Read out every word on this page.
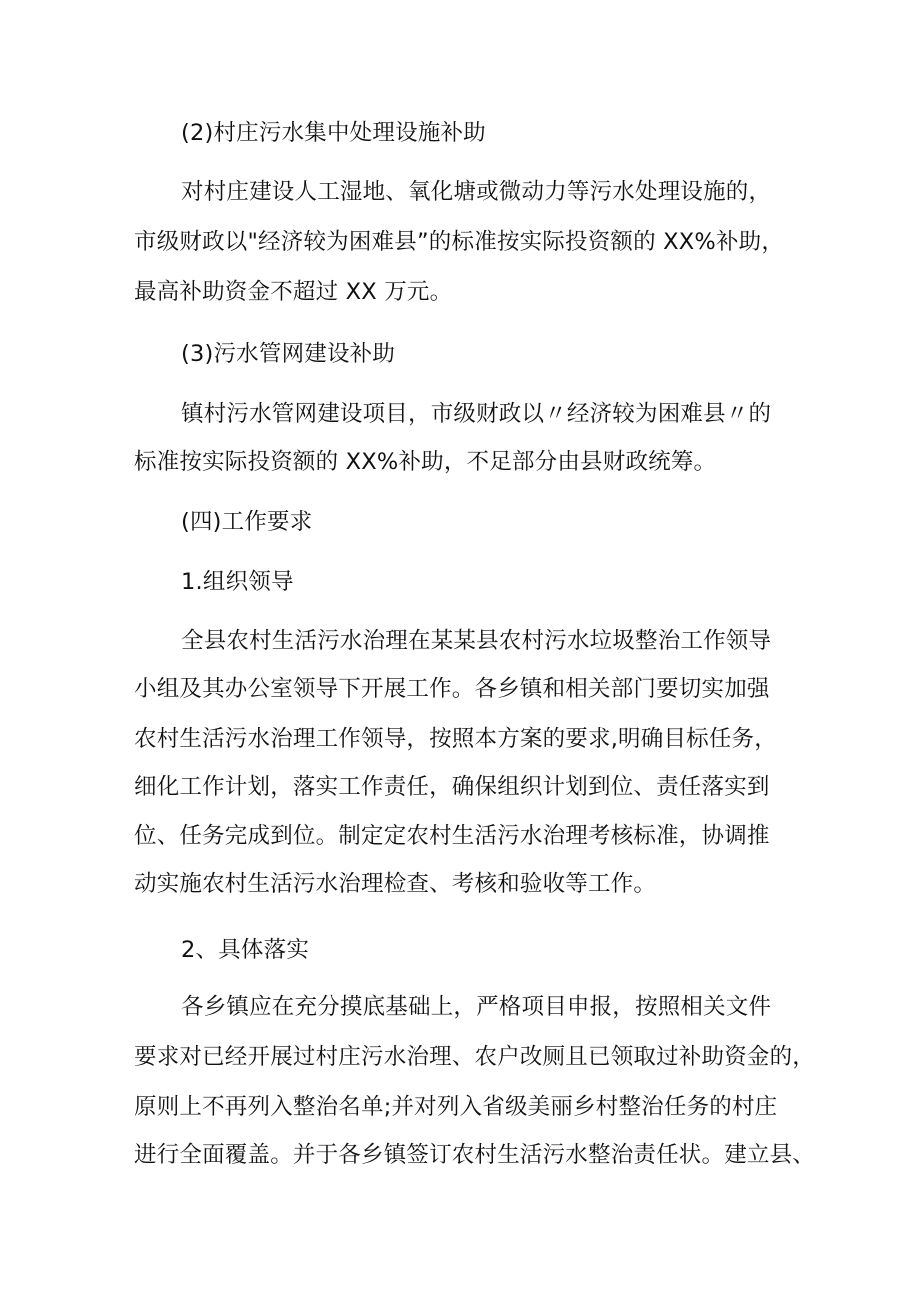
(2)村庄污水集中处理设施补助
对村庄建设人工湿地、氧化塘或微动力等污水处理设施的，
市级财政以"经济较为困难县”的标准按实际投资额的 XX%补助，
最高补助资金不超过 XX 万元。
(3)污水管网建设补助
镇村污水管网建设项目，市级财政以〃经济较为困难县〃的
标准按实际投资额的 XX%补助，不足部分由县财政统筹。
(四)工作要求
1.组织领导
全县农村生活污水治理在某某县农村污水垃圾整治工作领导
小组及其办公室领导下开展工作。各乡镇和相关部门要切实加强
农村生活污水治理工作领导，按照本方案的要求,明确目标任务，
细化工作计划，落实工作责任，确保组织计划到位、责任落实到
位、任务完成到位。制定定农村生活污水治理考核标准，协调推
动实施农村生活污水治理检查、考核和验收等工作。
2、具体落实
各乡镇应在充分摸底基础上，严格项目申报，按照相关文件
要求对已经开展过村庄污水治理、农户改厕且已领取过补助资金的，
原则上不再列入整治名单;并对列入省级美丽乡村整治任务的村庄
进行全面覆盖。并于各乡镇签订农村生活污水整治责任状。建立县、
